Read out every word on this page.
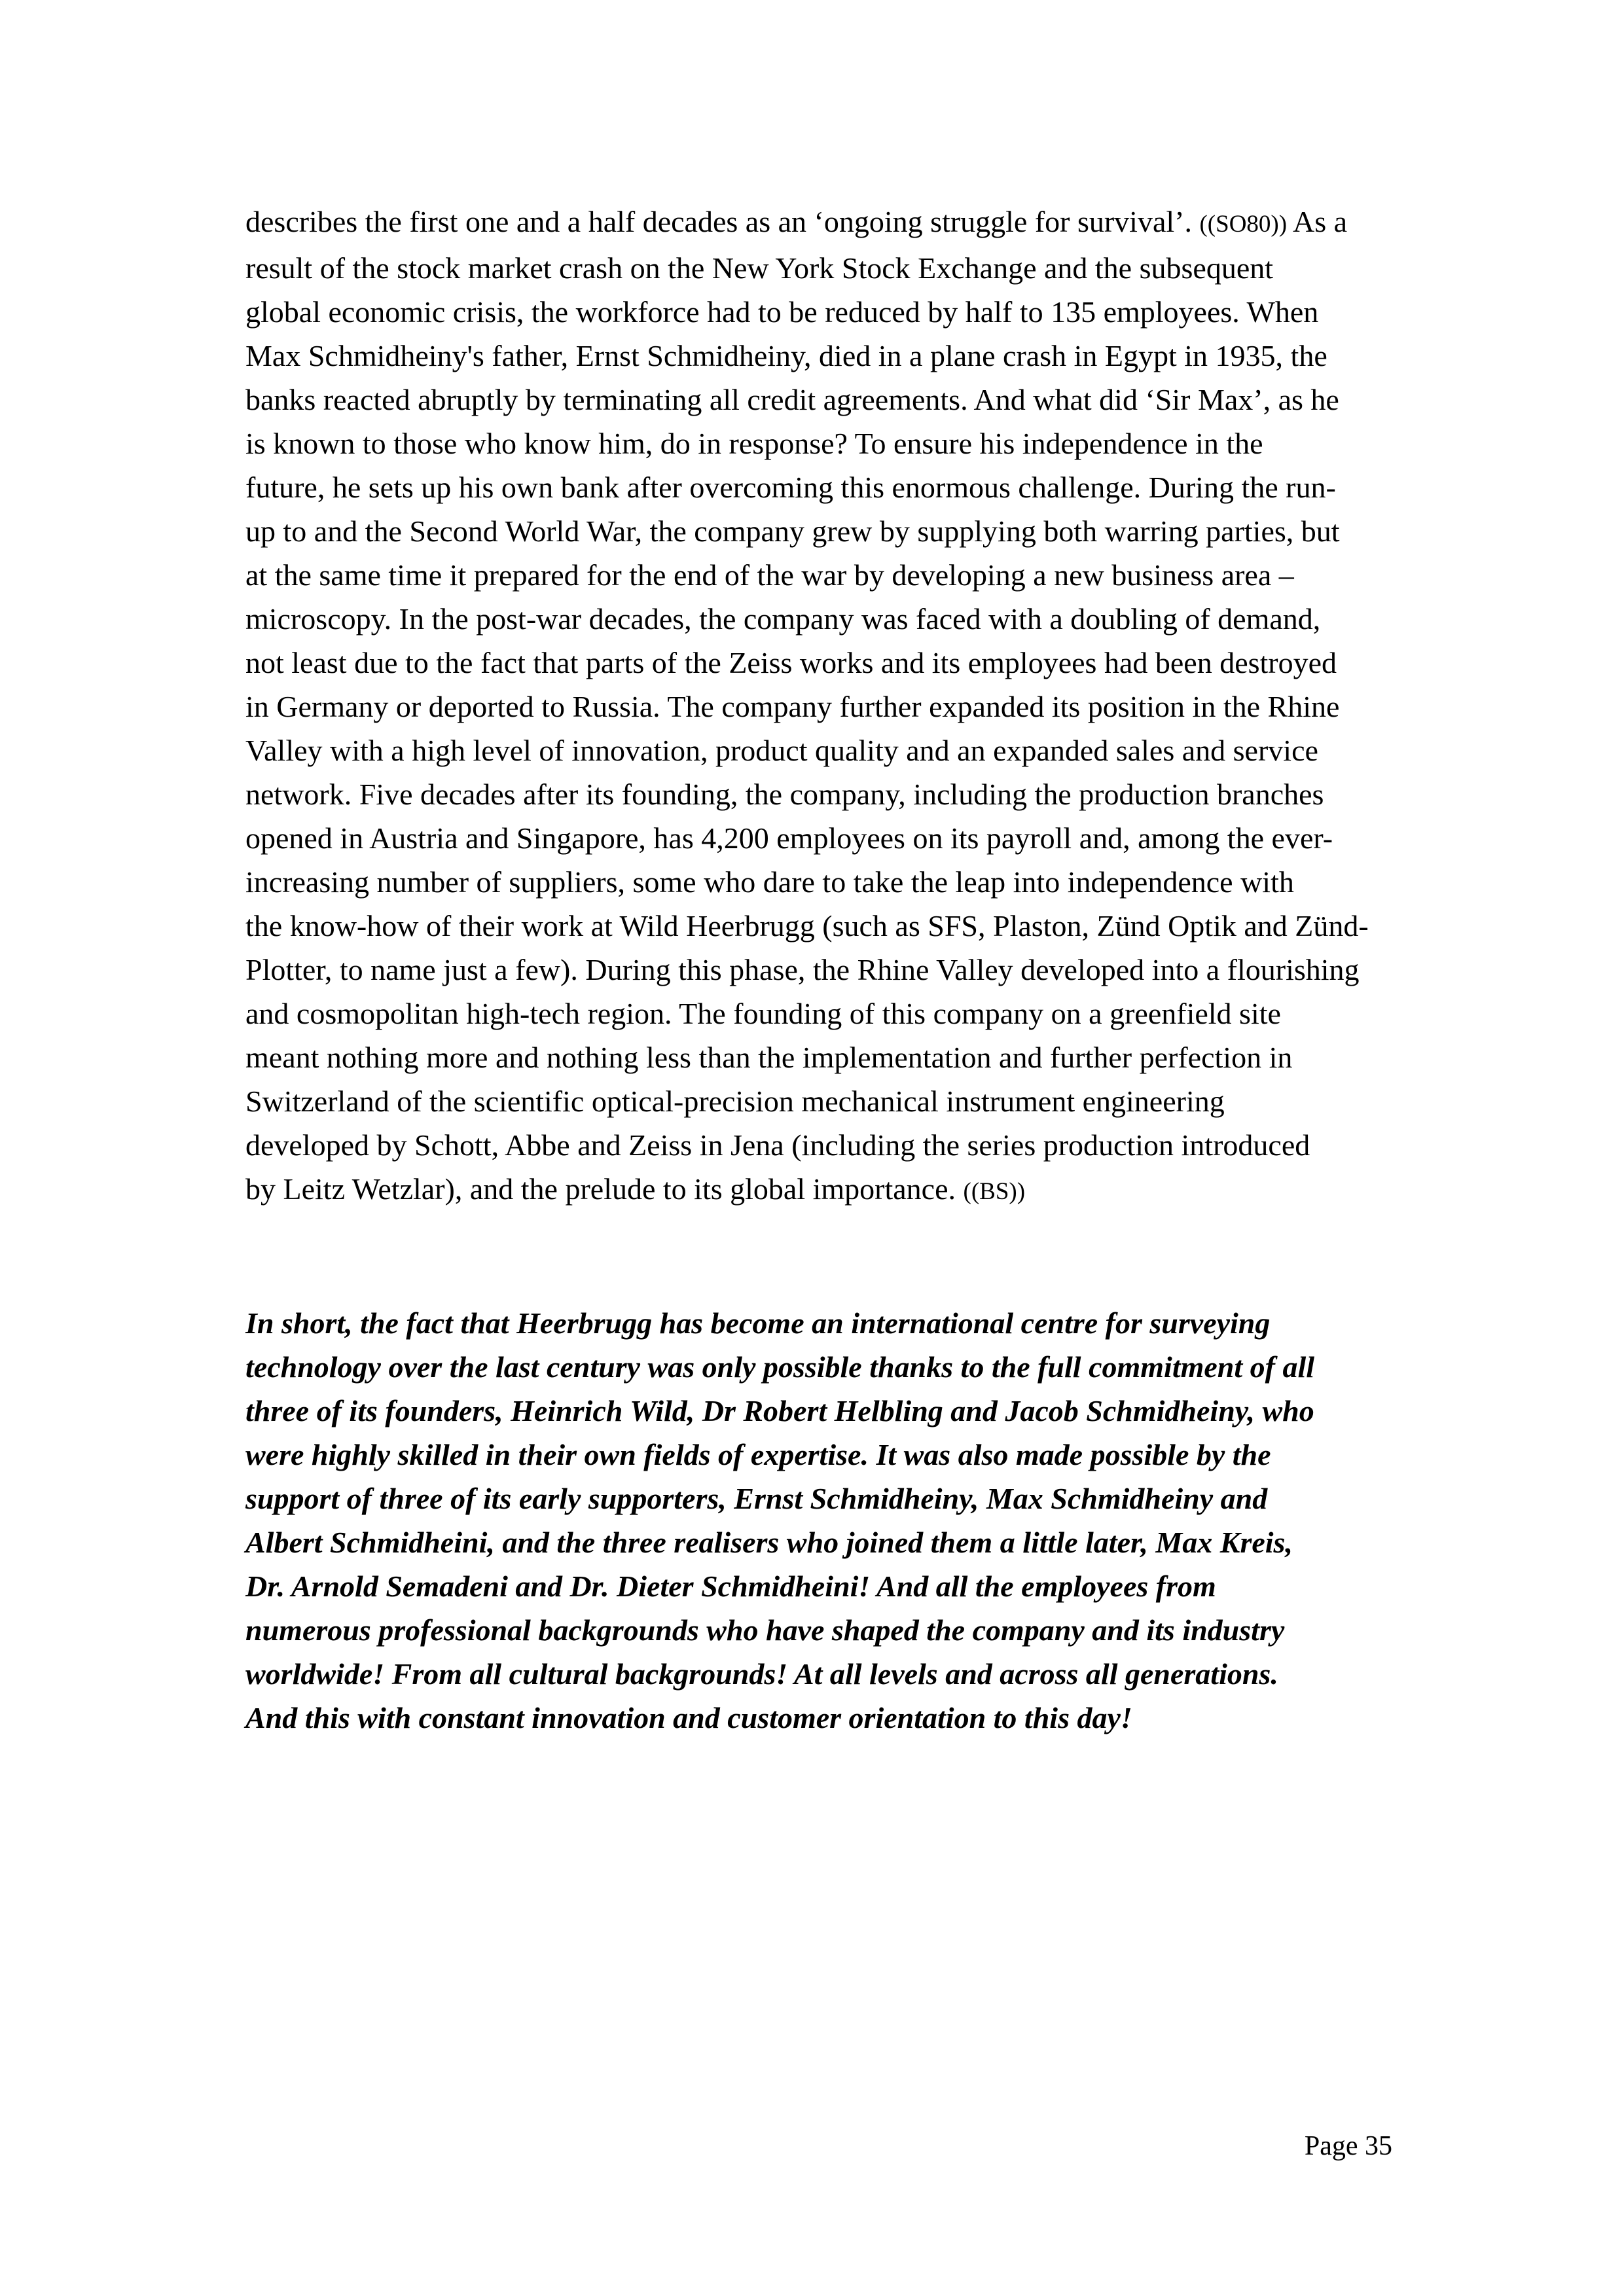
describes the first one and a half decades as an ‘ongoing struggle for survival’. ((SO80)) As a
result of the stock market crash on the New York Stock Exchange and the subsequent
global economic crisis, the workforce had to be reduced by half to 135 employees. When
Max Schmidheiny's father, Ernst Schmidheiny, died in a plane crash in Egypt in 1935, the
banks reacted abruptly by terminating all credit agreements. And what did ‘Sir Max’, as he
is known to those who know him, do in response? To ensure his independence in the
future, he sets up his own bank after overcoming this enormous challenge. During the run-
up to and the Second World War, the company grew by supplying both warring parties, but
at the same time it prepared for the end of the war by developing a new business area –
microscopy. In the post-war decades, the company was faced with a doubling of demand,
not least due to the fact that parts of the Zeiss works and its employees had been destroyed
in Germany or deported to Russia. The company further expanded its position in the Rhine
Valley with a high level of innovation, product quality and an expanded sales and service
network. Five decades after its founding, the company, including the production branches
opened in Austria and Singapore, has 4,200 employees on its payroll and, among the ever-
increasing number of suppliers, some who dare to take the leap into independence with
the know-how of their work at Wild Heerbrugg (such as SFS, Plaston, Zünd Optik and Zünd-
Plotter, to name just a few). During this phase, the Rhine Valley developed into a flourishing
and cosmopolitan high-tech region. The founding of this company on a greenfield site
meant nothing more and nothing less than the implementation and further perfection in
Switzerland of the scientific optical-precision mechanical instrument engineering
developed by Schott, Abbe and Zeiss in Jena (including the series production introduced
by Leitz Wetzlar), and the prelude to its global importance. ((BS))
In short, the fact that Heerbrugg has become an international centre for surveying
technology over the last century was only possible thanks to the full commitment of all
three of its founders, Heinrich Wild, Dr Robert Helbling and Jacob Schmidheiny, who
were highly skilled in their own fields of expertise. It was also made possible by the
support of three of its early supporters, Ernst Schmidheiny, Max Schmidheiny and
Albert Schmidheini, and the three realisers who joined them a little later, Max Kreis,
Dr. Arnold Semadeni and Dr. Dieter Schmidheini! And all the employees from
numerous professional backgrounds who have shaped the company and its industry
worldwide! From all cultural backgrounds! At all levels and across all generations.
And this with constant innovation and customer orientation to this day!
Page 35
